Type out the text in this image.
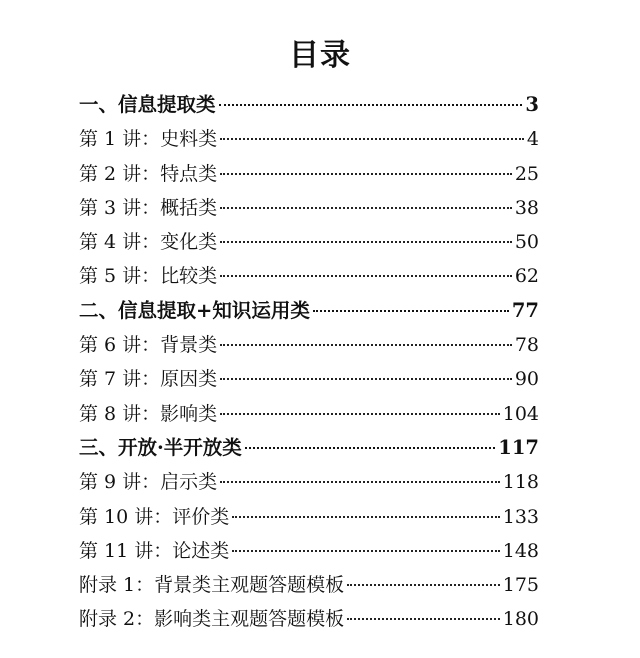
目录
一、信息提取类	3
第 1 讲：史料类	4
第 2 讲：特点类	25
第 3 讲：概括类	38
第 4 讲：变化类	50
第 5 讲：比较类	62
二、信息提取+知识运用类	77
第 6 讲：背景类	78
第 7 讲：原因类	90
第 8 讲：影响类	104
三、开放·半开放类	117
第 9 讲：启示类	118
第 10 讲：评价类	133
第 11 讲：论述类	148
附录 1：背景类主观题答题模板	175
附录 2：影响类主观题答题模板	180
